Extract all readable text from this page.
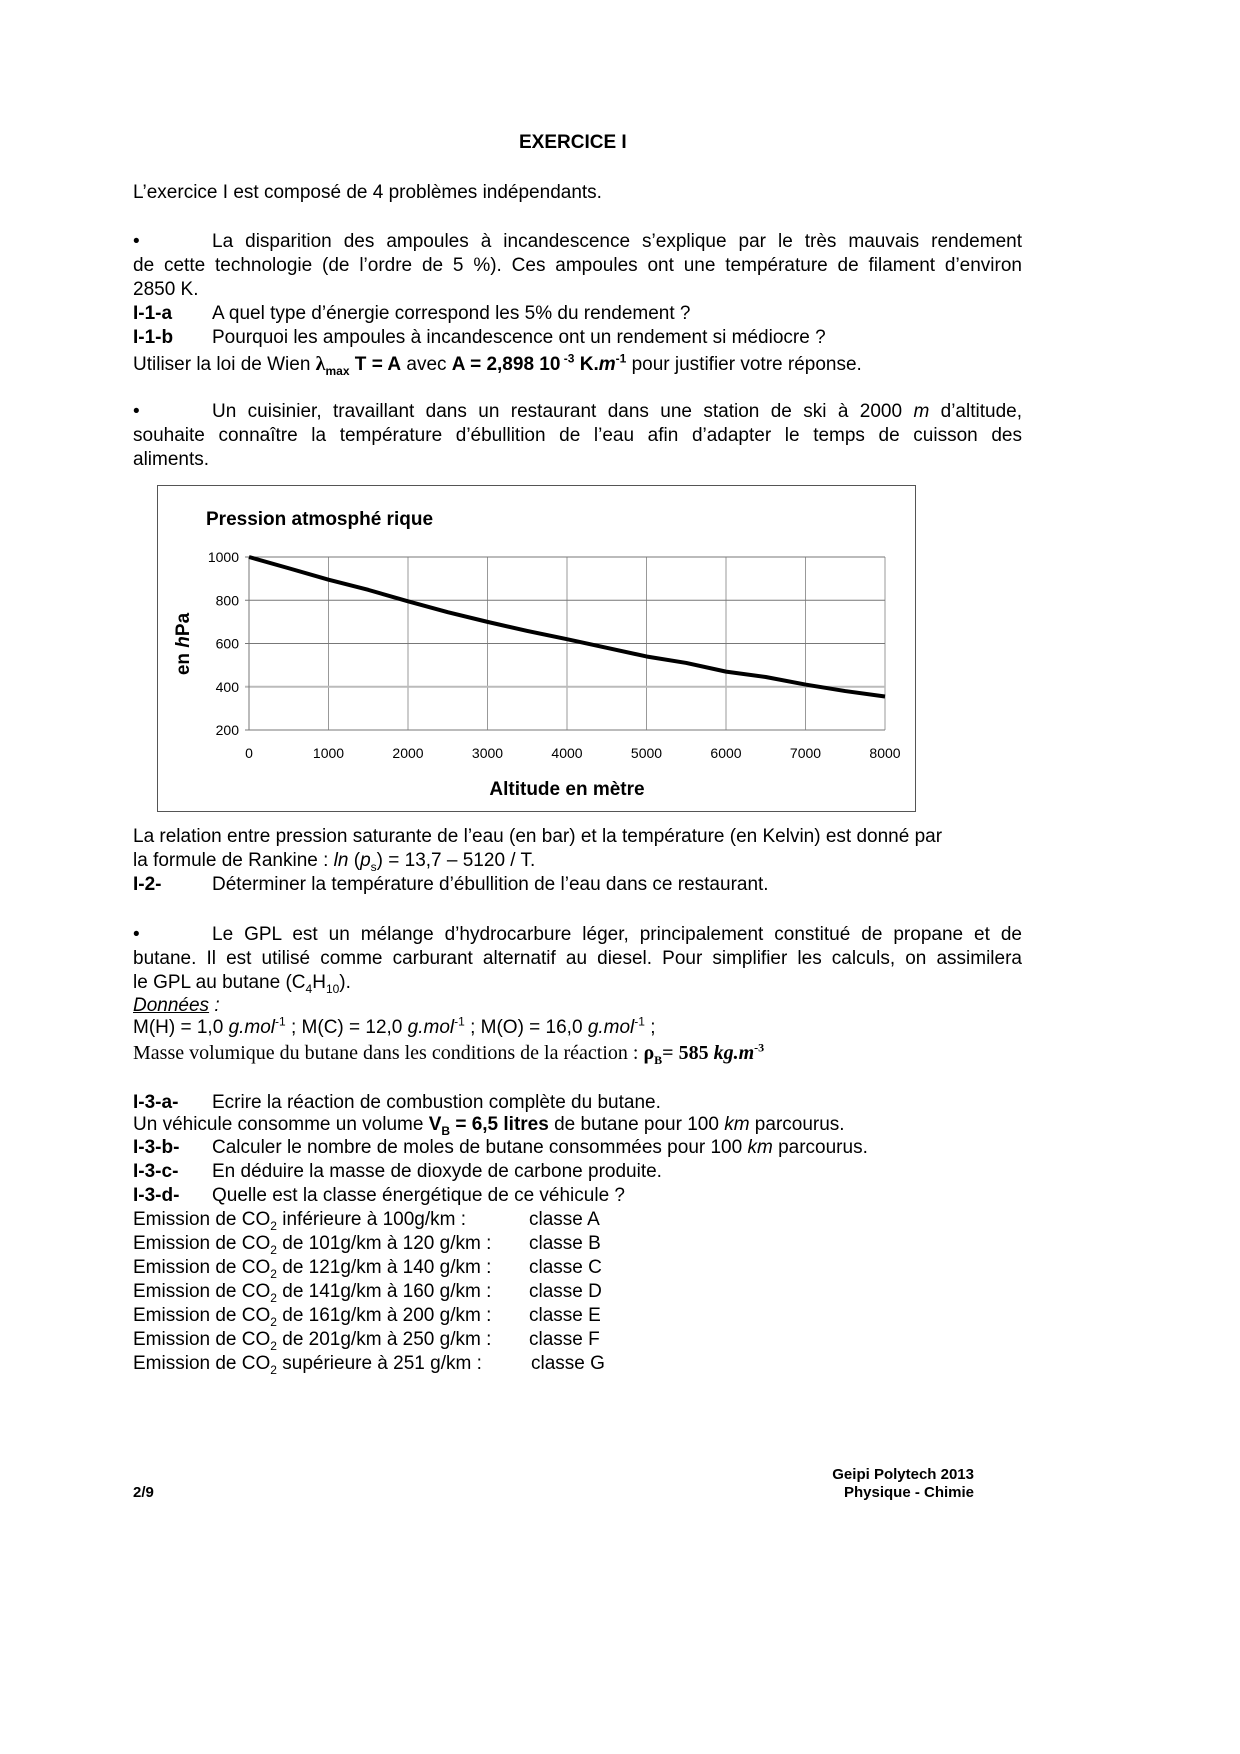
EXERCICE I
L’exercice I est composé de 4 problèmes indépendants.
•	La disparition des ampoules à incandescence s’explique par le très mauvais rendement
de cette technologie (de l’ordre de 5 %). Ces ampoules ont une température de filament d’environ
2850 K.
I-1-a A quel type d’énergie correspond les 5% du rendement ?
I-1-b Pourquoi les ampoules à incandescence ont un rendement si médiocre ?
Utiliser la loi de Wien $\lambda_{max}$ T = A avec A = 2,898 10 $^{-3}$ $K.m^{-1}$ pour justifier votre réponse.
•	Un cuisinier, travaillant dans un restaurant dans une station de ski à 2000 m d’altitude,
souhaite connaître la température d’ébullition de l’eau afin d’adapter le temps de cuisson des
aliments.
0	1000	2000	3000	4000	5000	6000	7000	8000
1000
800
600
400
200
Pression atmosphé rique
Altitude en mètre
en hPa
La relation entre pression saturante de l’eau (en bar) et la température (en Kelvin) est donné par
la formule de Rankine : $\ln (p_s) = 13,7 - 5120 / T$.
I-2-	Déterminer la température d’ébullition de l’eau dans ce restaurant.
•	Le GPL est un mélange d’hydrocarbure léger, principalement constitué de propane et de
butane. Il est utilisé comme carburant alternatif au diesel. Pour simplifier les calculs, on assimilera
le GPL au butane $(C_4H_{10})$.
Données :
M(H) = 1,0 g.mol$^{-1}$ ; M(C) = 12,0 g.mol$^{-1}$ ; M(O) = 16,0 g.mol$^{-1}$ ;
Masse volumique du butane dans les conditions de la réaction : $\rho_B= 585$ $kg.m^{-3}$
I-3-a- Ecrire la réaction de combustion complète du butane.
Un véhicule consomme un volume $V_B = 6,5$ litres de butane pour 100 km parcourus.
I-3-b- Calculer le nombre de moles de butane consommées pour 100 km parcourus.
I-3-c- En déduire la masse de dioxyde de carbone produite.
I-3-d- Quelle est la classe énergétique de ce véhicule ?
Emission de $CO_2$ inférieure à 100g/km :	classe A
Emission de $CO_2$ de 101g/km à 120 g/km : classe B
Emission de $CO_2$ de 121g/km à 140 g/km : classe C
Emission de $CO_2$ de 141g/km à 160 g/km : classe D
Emission de $CO_2$ de 161g/km à 200 g/km : classe E
Emission de $CO_2$ de 201g/km à 250 g/km : classe F
Emission de $CO_2$ supérieure à 251 g/km :	classe G
2/9
Geipi Polytech 2013
Physique - Chimie
